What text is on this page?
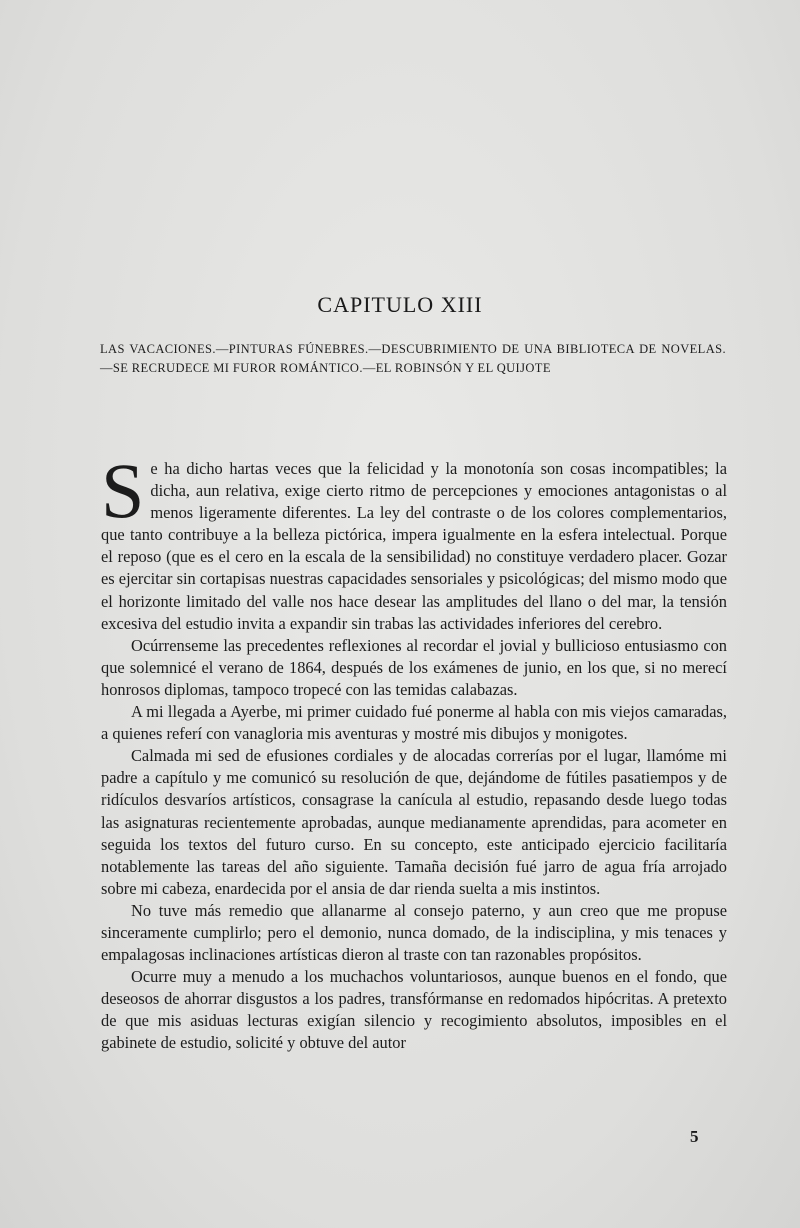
CAPITULO XIII
LAS VACACIONES.—PINTURAS FÚNEBRES.—DESCUBRIMIENTO DE UNA BIBLIOTECA DE NOVELAS.—SE RECRUDECE MI FUROR ROMÁNTICO.—EL ROBINSÓN Y EL QUIJOTE

Se ha dicho hartas veces que la felicidad y la monotonía son cosas incompatibles; la dicha, aun relativa, exige cierto ritmo de percepciones y emociones antagonistas o al menos ligeramente diferentes. La ley del contraste o de los colores complementarios, que tanto contribuye a la belleza pictórica, impera igualmente en la esfera intelectual. Porque el reposo (que es el cero en la escala de la sensibilidad) no constituye verdadero placer. Gozar es ejercitar sin cortapisas nuestras capacidades sensoriales y psicológicas; del mismo modo que el horizonte limitado del valle nos hace desear las amplitudes del llano o del mar, la tensión excesiva del estudio invita a expandir sin trabas las actividades inferiores del cerebro.

Ocúrrenseme las precedentes reflexiones al recordar el jovial y bullicioso entusiasmo con que solemnicé el verano de 1864, después de los exámenes de junio, en los que, si no merecí honrosos diplomas, tampoco tropecé con las temidas calabazas.

A mi llegada a Ayerbe, mi primer cuidado fué ponerme al habla con mis viejos camaradas, a quienes referí con vanagloria mis aventuras y mostré mis dibujos y monigotes.

Calmada mi sed de efusiones cordiales y de alocadas correrías por el lugar, llamóme mi padre a capítulo y me comunicó su resolución de que, dejándome de fútiles pasatiempos y de ridículos desvaríos artísticos, consagrase la canícula al estudio, repasando desde luego todas las asignaturas recientemente aprobadas, aunque medianamente aprendidas, para acometer en seguida los textos del futuro curso. En su concepto, este anticipado ejercicio facilitaría notablemente las tareas del año siguiente. Tamaña decisión fué jarro de agua fría arrojado sobre mi cabeza, enardecida por el ansia de dar rienda suelta a mis instintos.

No tuve más remedio que allanarme al consejo paterno, y aun creo que me propuse sinceramente cumplirlo; pero el demonio, nunca domado, de la indisciplina, y mis tenaces y empalagosas inclinaciones artísticas dieron al traste con tan razonables propósitos.

Ocurre muy a menudo a los muchachos voluntariosos, aunque buenos en el fondo, que deseosos de ahorrar disgustos a los padres, transfórmanse en redomados hipócritas. A pretexto de que mis asiduas lecturas exigían silencio y recogimiento absolutos, imposibles en el gabinete de estudio, solicité y obtuve del autor

5
